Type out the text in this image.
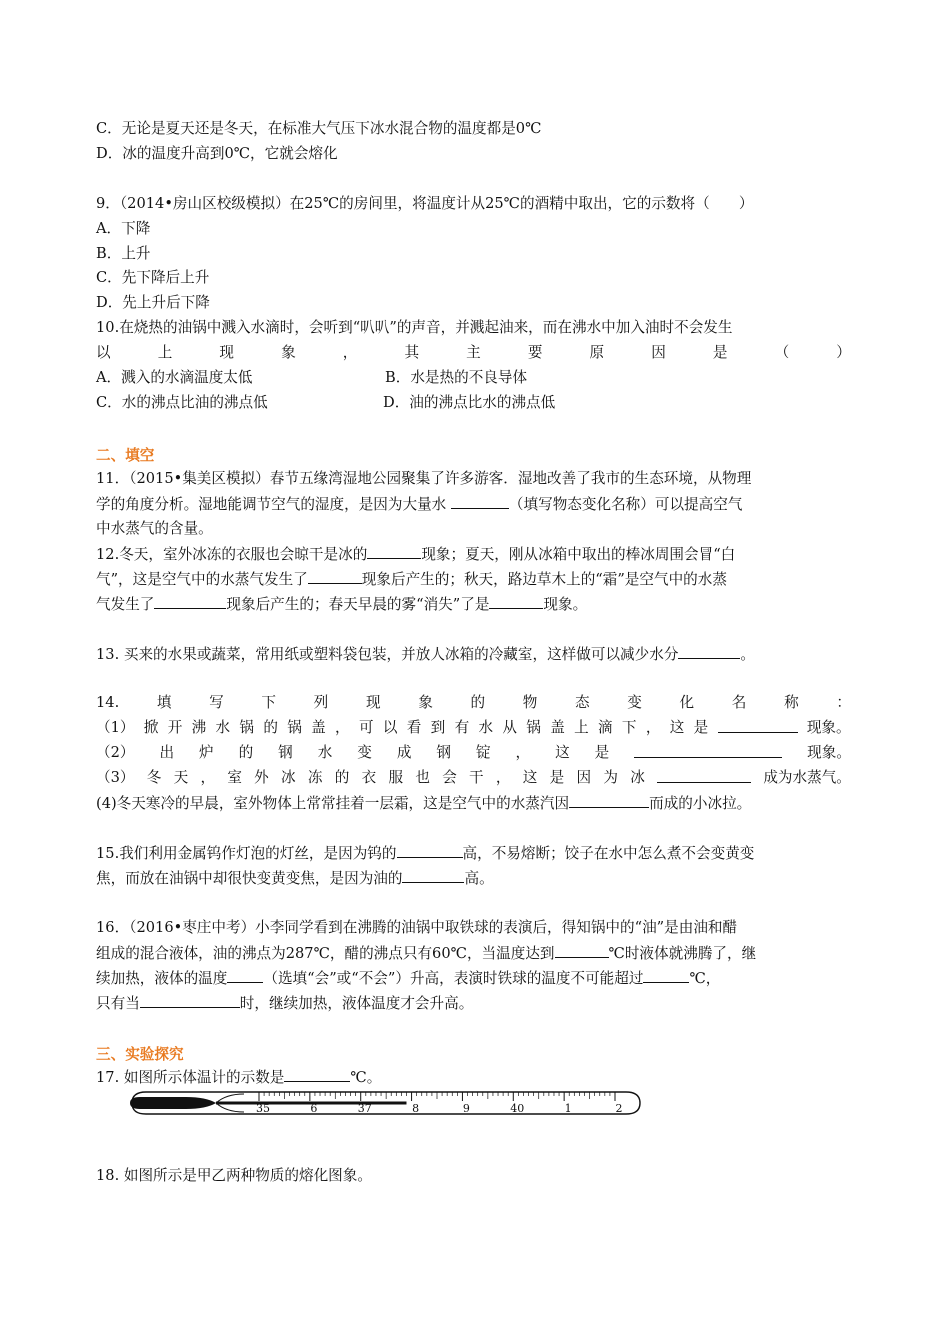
C．无论是夏天还是冬天，在标准大气压下冰水混合物的温度都是0℃
D．冰的温度升高到0℃，它就会熔化
9．（2014•房山区校级模拟）在25℃的房间里，将温度计从25℃的酒精中取出，它的示数将（　　）
A．下降
B．上升
C．先下降后上升
D．先上升后下降
10.在烧热的油锅中溅入水滴时，会听到“叭叭”的声音，并溅起油来，而在沸水中加入油时不会发生
以	上	现	象	，	其	主	要	原	因	是	（	）
A．溅入的水滴温度太低	B．水是热的不良导体
C．水的沸点比油的沸点低	D．油的沸点比水的沸点低
二、填空
11．（2015•集美区模拟）春节五缘湾湿地公园聚集了许多游客．湿地改善了我市的生态环境，从物理
学的角度分析。湿地能调节空气的湿度，是因为大量水	（填写物态变化名称）可以提高空气
中水蒸气的含量。
12.冬天，室外冰冻的衣服也会晾干是冰的	现象；夏天，刚从冰箱中取出的棒冰周围会冒“白
气”，这是空气中的水蒸气发生了	现象后产生的；秋天，路边草木上的“霜”是空气中的水蒸
气发生了	现象后产生的；春天早晨的雾“消失”了是	现象。
13. 买来的水果或蔬菜，常用纸或塑料袋包装，并放人冰箱的冷藏室，这样做可以减少水分	。
14.	填	写	下	列	现	象	的	物	态	变	化	名	称	：
（1） 掀 开 沸 水 锅 的 锅 盖 ， 可 以 看 到 有 水 从 锅 盖 上 滴 下 ， 这 是	现象。
（2） 出 炉 的 钢 水 变 成 钢 锭 ， 这 是	现象。
（3） 冬 天 ， 室 外 冰 冻 的 衣 服 也 会 干 ， 这 是 因 为 冰	成为水蒸气。
(4)冬天寒冷的早晨，室外物体上常常挂着一层霜，这是空气中的水蒸汽因	而成的小冰拉。
15.我们利用金属钨作灯泡的灯丝，是因为钨的	高，不易熔断；饺子在水中怎么煮不会变黄变
焦，而放在油锅中却很快变黄变焦，是因为油的	高。
16．（2016•枣庄中考）小李同学看到在沸腾的油锅中取铁球的表演后，得知锅中的“油”是由油和醋
组成的混合液体，油的沸点为287℃，醋的沸点只有60℃，当温度达到	℃时液体就沸腾了，继
续加热，液体的温度 （选填“会”或“不会”）升高，表演时铁球的温度不可能超过	℃，
只有当	时，继续加热，液体温度才会升高。
三、实验探究
17. 如图所示体温计的示数是	℃。
35	6	37	8	9	40	1	2
18. 如图所示是甲乙两种物质的熔化图象。
